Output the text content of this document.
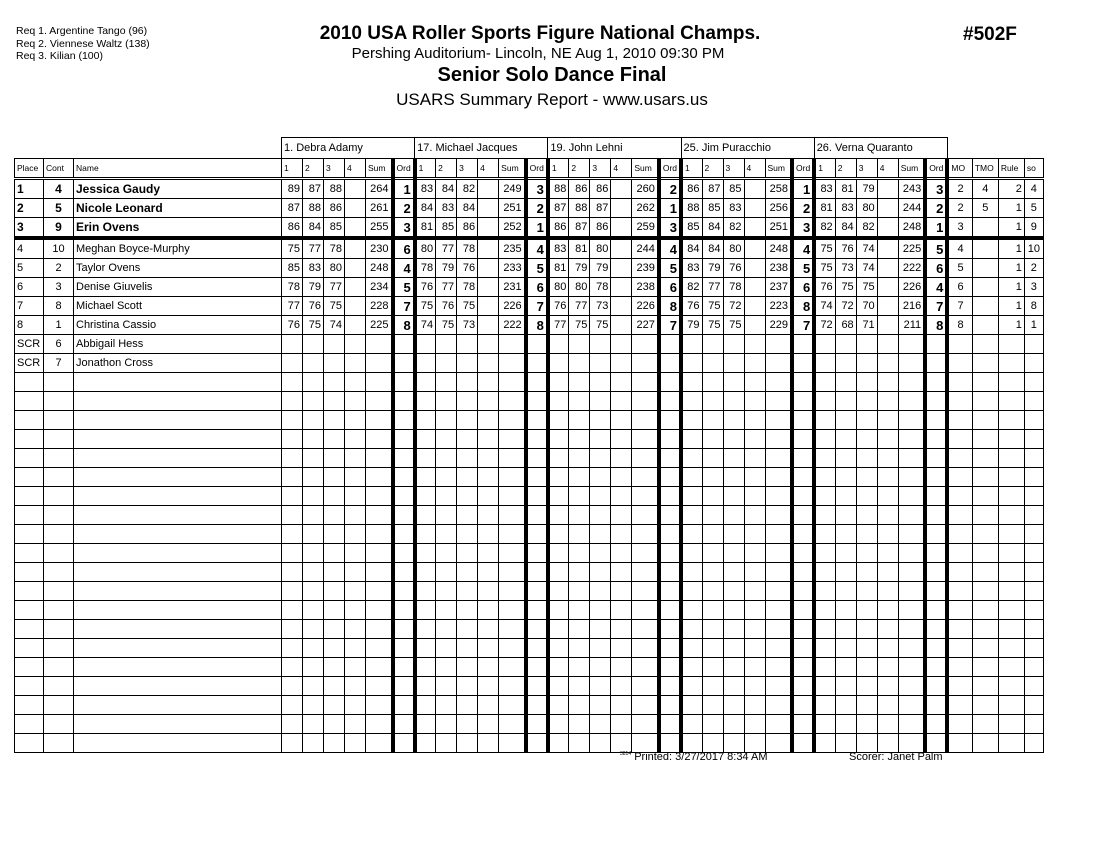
Req 1. Argentine Tango (96)
Req 2. Viennese Waltz (138)
Req 3. Kilian (100)
2010 USA Roller Sports Figure National Champs.
Pershing Auditorium- Lincoln, NE Aug 1, 2010 09:30 PM
Senior Solo Dance Final
USARS Summary Report - www.usars.us
#502F
			1. Debra Adamy						17. Michael Jacques						19. John Lehni						25. Jim Puracchio						26. Verna Quaranto									
Place	Cont	Name	1	2	3	4	Sum	Ord	1	2	3	4	Sum	Ord	1	2	3	4	Sum	Ord	1	2	3	4	Sum	Ord	1	2	3	4	Sum	Ord	MO	TMO	Rule	so
1	4	Jessica Gaudy	89	87	88		264	1	83	84	82		249	3	88	86	86		260	2	86	87	85		258	1	83	81	79		243	3	2	4	2	4
2	5	Nicole Leonard	87	88	86		261	2	84	83	84		251	2	87	88	87		262	1	88	85	83		256	2	81	83	80		244	2	2	5	1	5
3	9	Erin Ovens	86	84	85		255	3	81	85	86		252	1	86	87	86		259	3	85	84	82		251	3	82	84	82		248	1	3		1	9
4	10	Meghan Boyce-Murphy	75	77	78		230	6	80	77	78		235	4	83	81	80		244	4	84	84	80		248	4	75	76	74		225	5	4		1	10
5	2	Taylor Ovens	85	83	80		248	4	78	79	76		233	5	81	79	79		239	5	83	79	76		238	5	75	73	74		222	6	5		1	2
6	3	Denise Giuvelis	78	79	77		234	5	76	77	78		231	6	80	80	78		238	6	82	77	78		237	6	76	75	75		226	4	6		1	3
7	8	Michael Scott	77	76	75		228	7	75	76	75		226	7	76	77	73		226	8	76	75	72		223	8	74	72	70		216	7	7		1	8
8	1	Christina Cassio	76	75	74		225	8	74	75	73		222	8	77	75	75		227	7	79	75	75		229	7	72	68	71		211	8	8		1	1
SCR	6	Abbigail Hess																																		
SCR	7	Jonathon Cross																																		

$^{3814}$ Printed: 3/27/2017 8:34 AM	Scorer: Janet Palm
